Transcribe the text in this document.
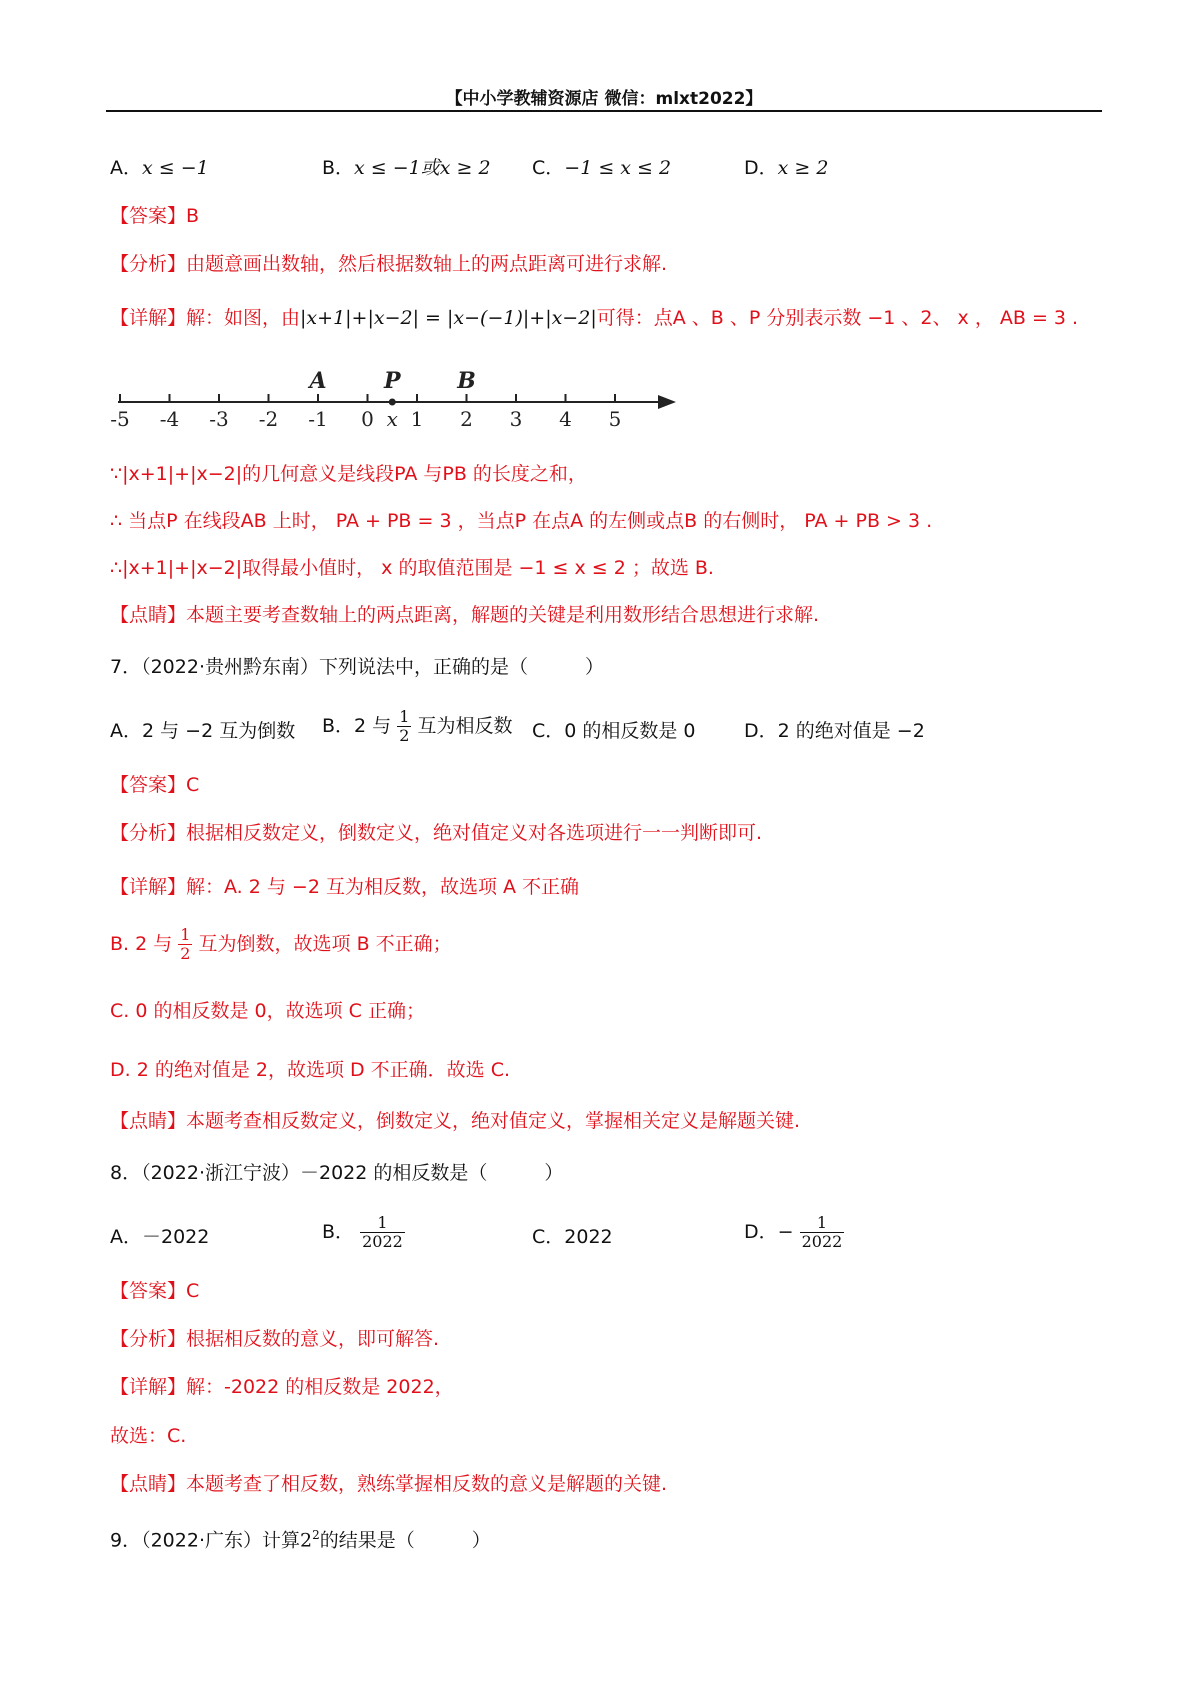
【中小学教辅资源店 微信：mlxt2022】
A．x ≤ −1	B．x ≤ −1或x ≥ 2 C．−1 ≤ x ≤ 2	D．x ≥ 2
【答案】B
【分析】由题意画出数轴，然后根据数轴上的两点距离可进行求解.
【详解】解：如图，由|x+1|+|x−2| = |x−(−1)|+|x−2|可得：点A 、B 、P 分别表示数 −1 、2、 x ， AB = 3 .
-5 -4 -3 -2 -1 0 1 2 3 4 5
A	P
x
B
∵|x+1|+|x−2|的几何意义是线段PA 与PB 的长度之和，
∴ 当点P 在线段AB 上时， PA + PB = 3 ，当点P 在点A 的左侧或点B 的右侧时， PA + PB > 3 .
∴|x+1|+|x−2|取得最小值时， x 的取值范围是 −1 ≤ x ≤ 2 ；故选 B.
【点睛】本题主要考查数轴上的两点距离，解题的关键是利用数形结合思想进行求解.
7．（2022·贵州黔东南）下列说法中，正确的是（　　　）
A．2 与 −2 互为倒数 B．2 与 $\frac{1}{2}$ 互为相反数 C．0 的相反数是 0	D．2 的绝对值是 −2
【答案】C
【分析】根据相反数定义，倒数定义，绝对值定义对各选项进行一一判断即可.
【详解】解：A. 2 与 −2 互为相反数，故选项 A 不正确
B. 2 与 $\frac{1}{2}$ 互为倒数，故选项 B 不正确；
C. 0 的相反数是 0，故选项 C 正确；
D. 2 的绝对值是 2，故选项 D 不正确．故选 C.
【点睛】本题考查相反数定义，倒数定义，绝对值定义，掌握相关定义是解题关键.
8．（2022·浙江宁波）－2022 的相反数是（　　　）
A．－2022	B． $\frac{1}{2022}$	C．2022	D．− $\frac{1}{2022}$
【答案】C
【分析】根据相反数的意义，即可解答.
【详解】解：-2022 的相反数是 2022，
故选：C.
【点睛】本题考查了相反数，熟练掌握相反数的意义是解题的关键.
9．（2022·广东）计算$2^2$的结果是（　　　）
